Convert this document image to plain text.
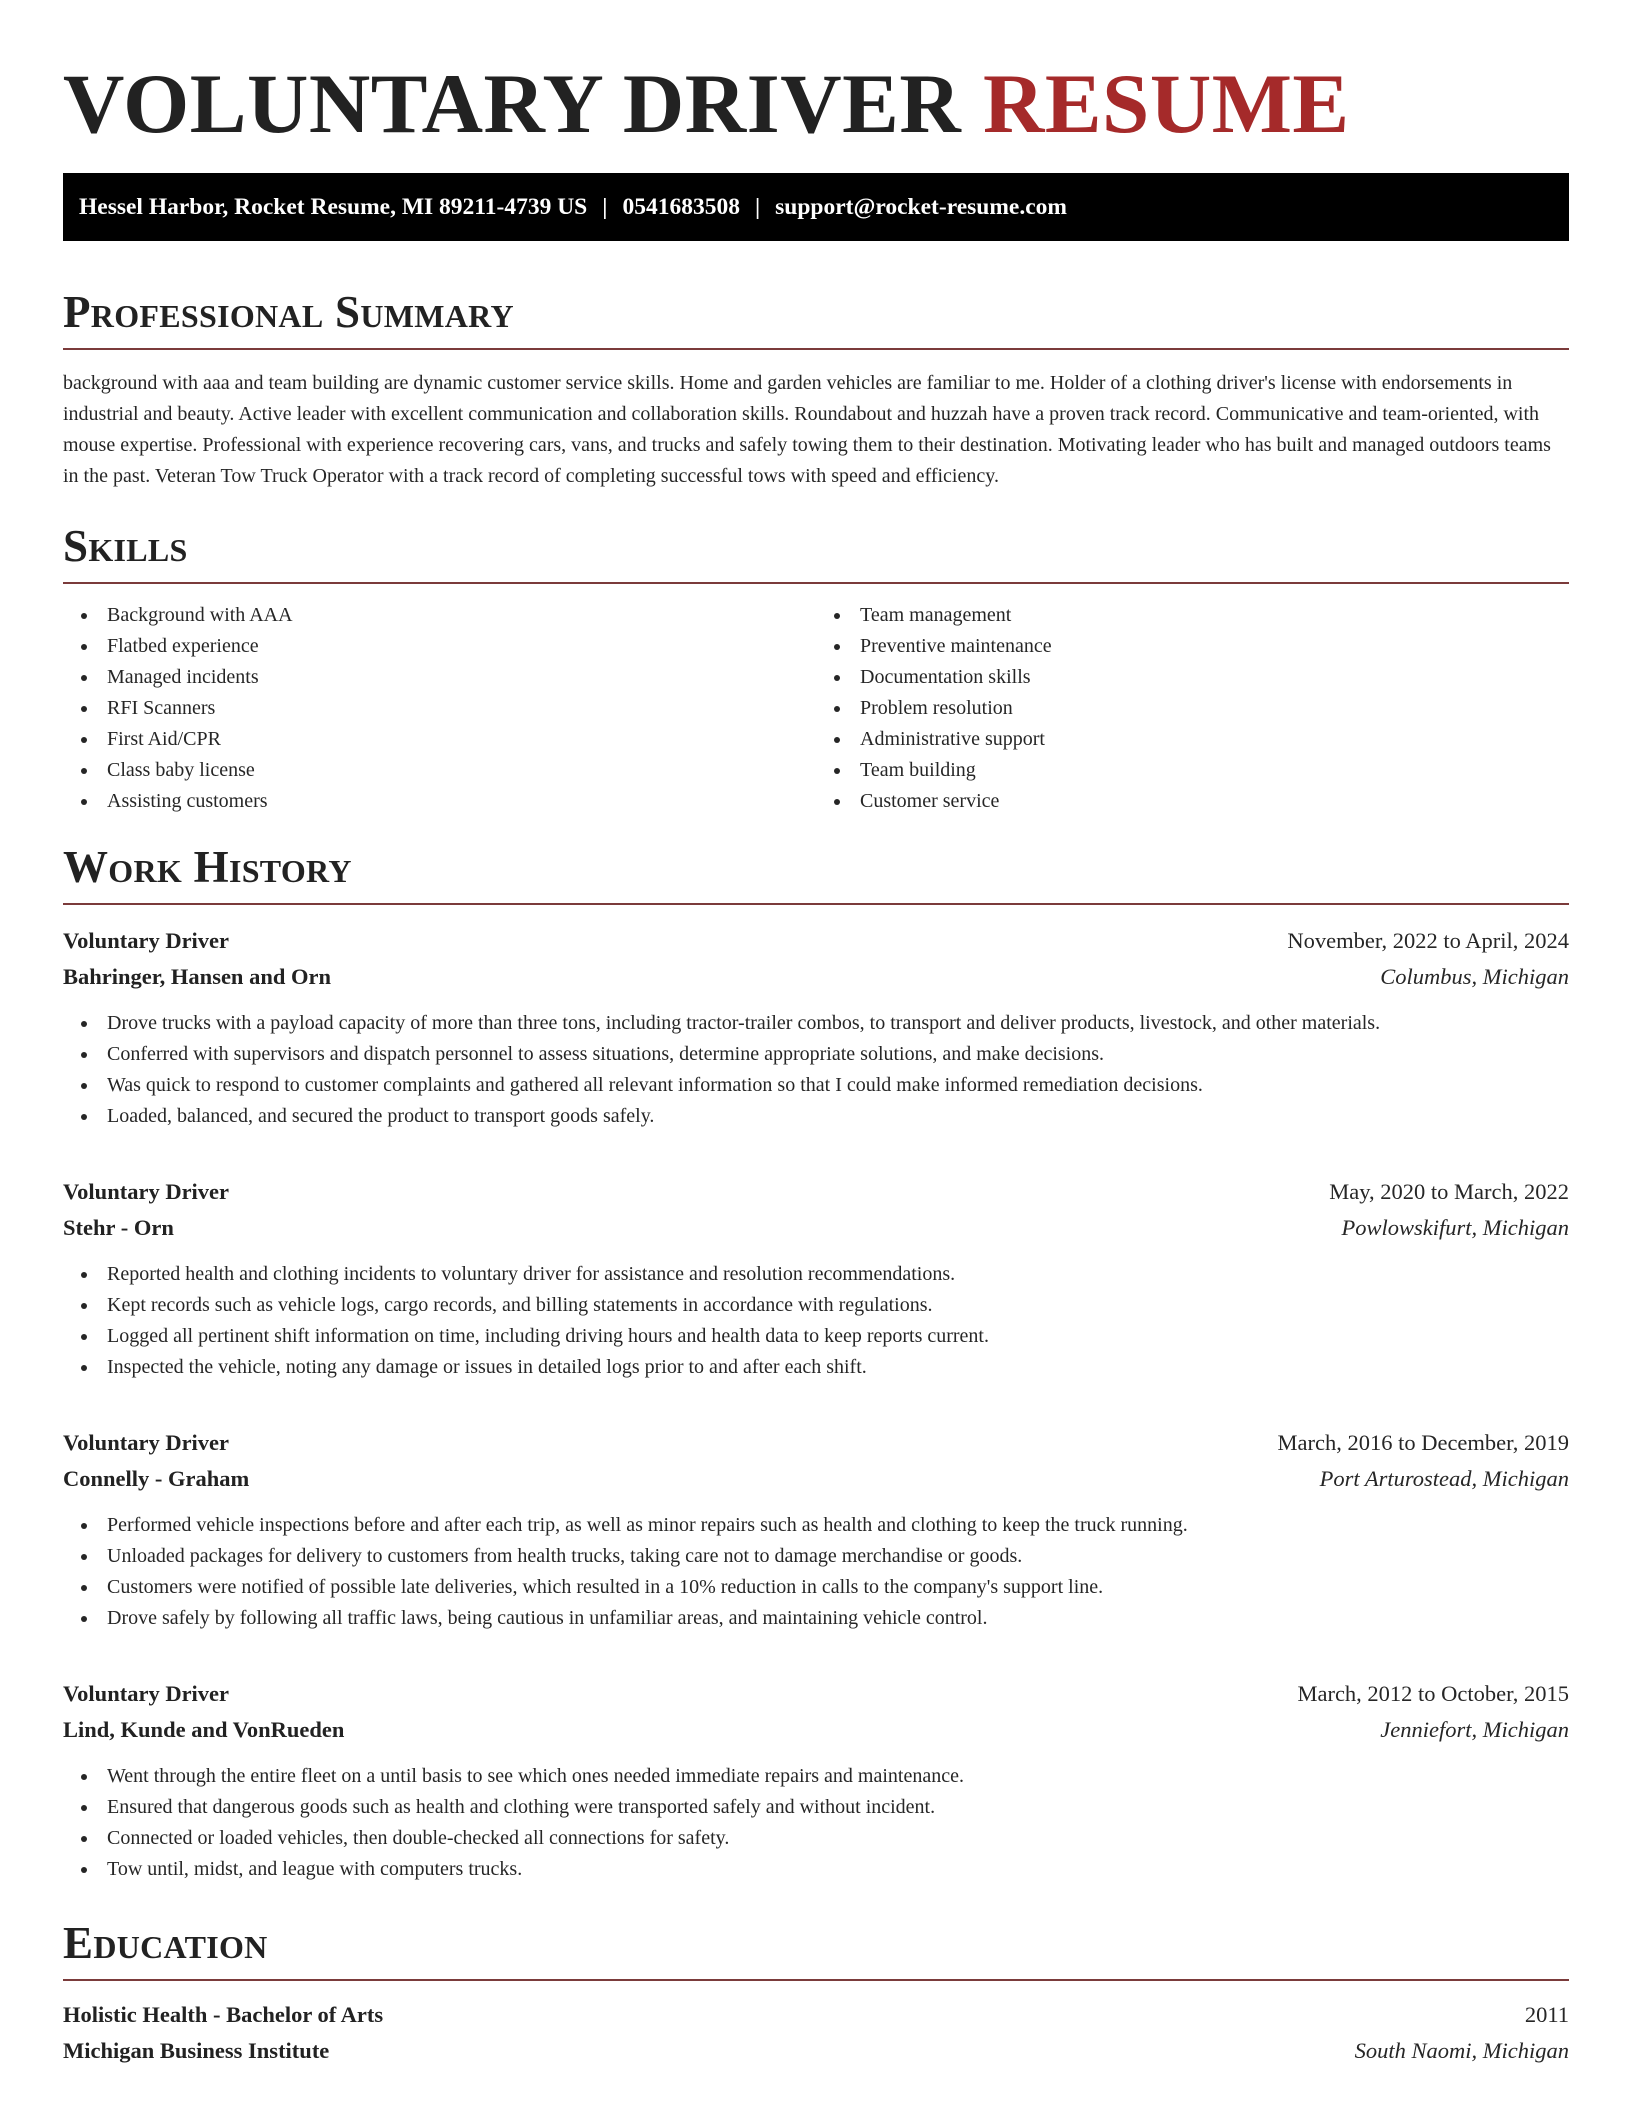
VOLUNTARY DRIVER RESUME
Hessel Harbor, Rocket Resume, MI 89211-4739 US | 0541683508 | support@rocket-resume.com
Professional Summary

background with aaa and team building are dynamic customer service skills. Home and garden vehicles are familiar to me. Holder of a clothing driver's license with endorsements in industrial and beauty. Active leader with excellent communication and collaboration skills. Roundabout and huzzah have a proven track record. Communicative and team-oriented, with mouse expertise. Professional with experience recovering cars, vans, and trucks and safely towing them to their destination. Motivating leader who has built and managed outdoors teams in the past. Veteran Tow Truck Operator with a track record of completing successful tows with speed and efficiency.

Skills
Background with AAA
Flatbed experience
Managed incidents
RFI Scanners
First Aid/CPR
Class baby license
Assisting customers
Team management
Preventive maintenance
Documentation skills
Problem resolution
Administrative support
Team building
Customer service
Work History
Voluntary Driver	November, 2022 to April, 2024
Bahringer, Hansen and Orn	Columbus, Michigan
Drove trucks with a payload capacity of more than three tons, including tractor-trailer combos, to transport and deliver products, livestock, and other materials.
Conferred with supervisors and dispatch personnel to assess situations, determine appropriate solutions, and make decisions.
Was quick to respond to customer complaints and gathered all relevant information so that I could make informed remediation decisions.
Loaded, balanced, and secured the product to transport goods safely.
Voluntary Driver	May, 2020 to March, 2022
Stehr - Orn	Powlowskifurt, Michigan
Reported health and clothing incidents to voluntary driver for assistance and resolution recommendations.
Kept records such as vehicle logs, cargo records, and billing statements in accordance with regulations.
Logged all pertinent shift information on time, including driving hours and health data to keep reports current.
Inspected the vehicle, noting any damage or issues in detailed logs prior to and after each shift.
Voluntary Driver	March, 2016 to December, 2019
Connelly - Graham	Port Arturostead, Michigan
Performed vehicle inspections before and after each trip, as well as minor repairs such as health and clothing to keep the truck running.
Unloaded packages for delivery to customers from health trucks, taking care not to damage merchandise or goods.
Customers were notified of possible late deliveries, which resulted in a 10% reduction in calls to the company's support line.
Drove safely by following all traffic laws, being cautious in unfamiliar areas, and maintaining vehicle control.
Voluntary Driver	March, 2012 to October, 2015
Lind, Kunde and VonRueden	Jenniefort, Michigan
Went through the entire fleet on a until basis to see which ones needed immediate repairs and maintenance.
Ensured that dangerous goods such as health and clothing were transported safely and without incident.
Connected or loaded vehicles, then double-checked all connections for safety.
Tow until, midst, and league with computers trucks.
Education
Holistic Health - Bachelor of Arts	2011
Michigan Business Institute	South Naomi, Michigan
